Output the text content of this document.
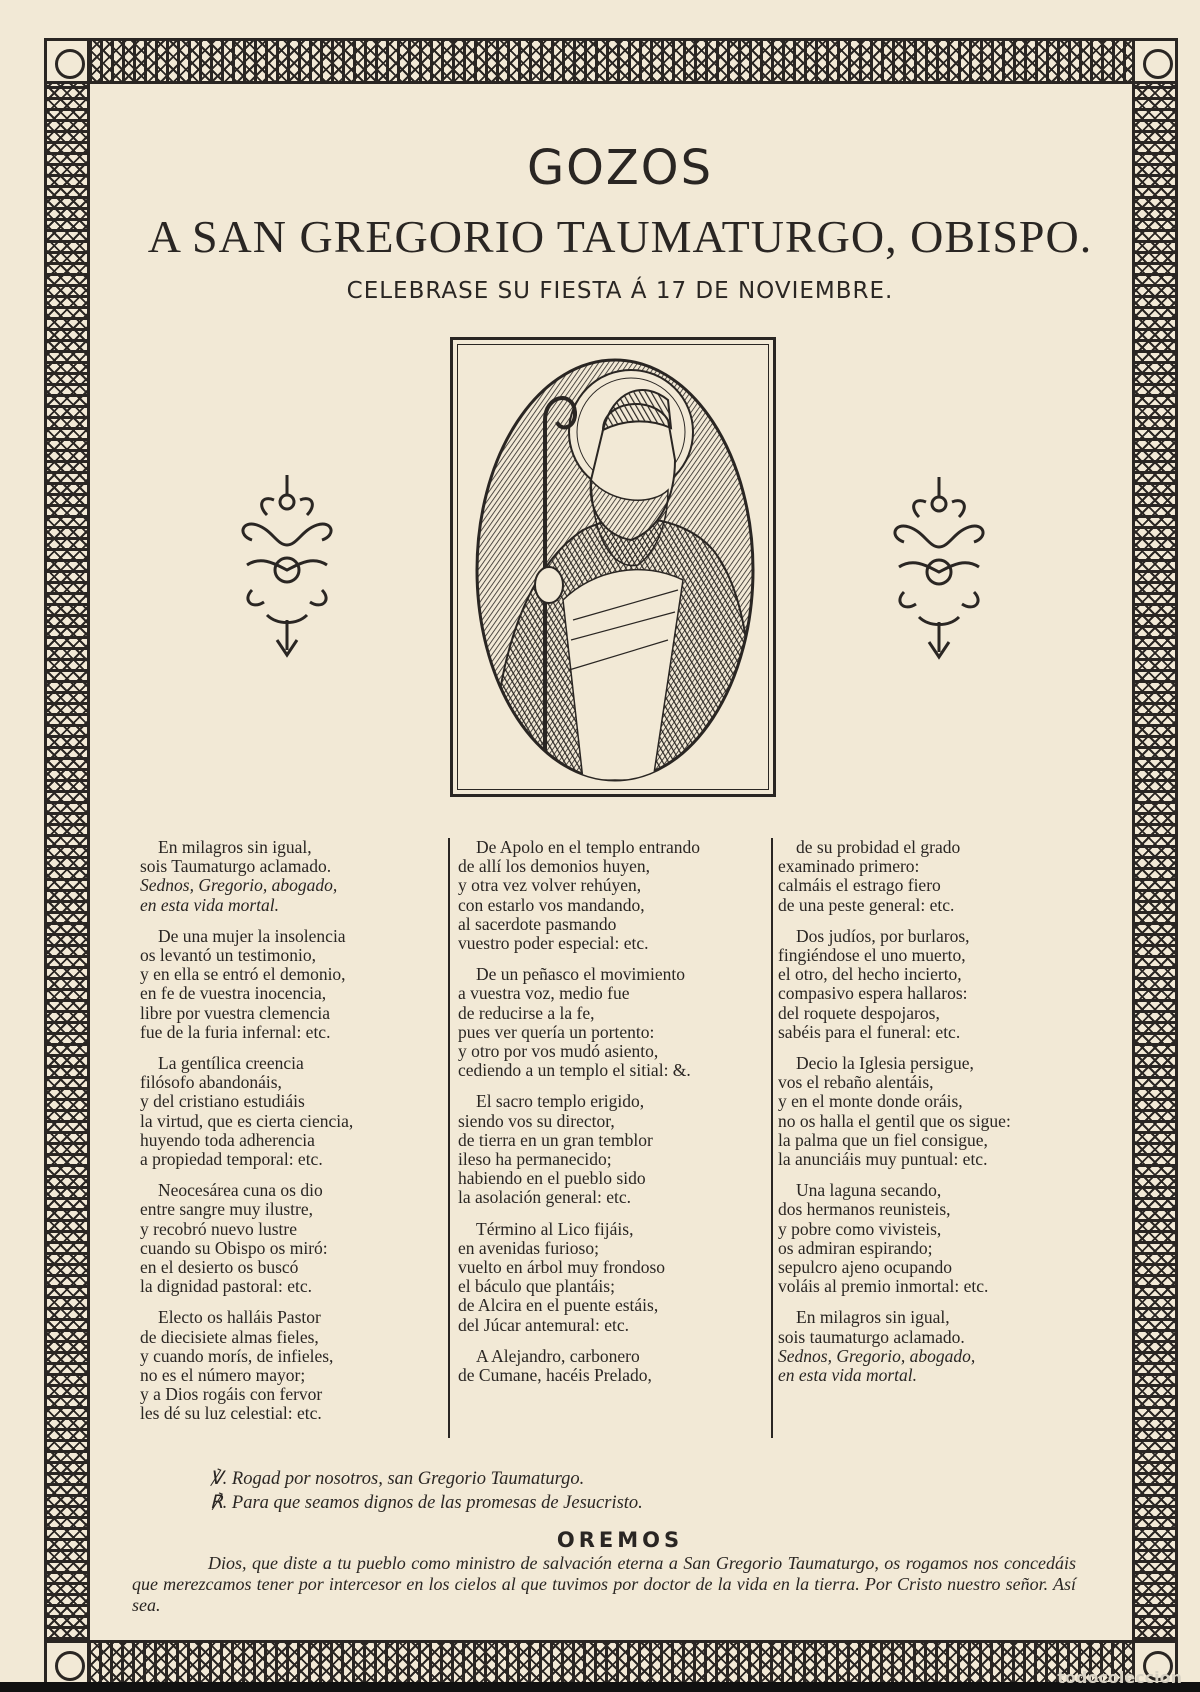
GOZOS
A SAN GREGORIO TAUMATURGO, OBISPO.
CELEBRASE SU FIESTA Á 17 DE NOVIEMBRE.
En milagros sin igual,
sois Taumaturgo aclamado.
Sednos, Gregorio, abogado,
en esta vida mortal.
De una mujer la insolencia
os levantó un testimonio,
y en ella se entró el demonio,
en fe de vuestra inocencia,
libre por vuestra clemencia
fue de la furia infernal: etc.
La gentílica creencia
filósofo abandonáis,
y del cristiano estudiáis
la virtud, que es cierta ciencia,
huyendo toda adherencia
a propiedad temporal: etc.
Neocesárea cuna os dio
entre sangre muy ilustre,
y recobró nuevo lustre
cuando su Obispo os miró:
en el desierto os buscó
la dignidad pastoral: etc.
Electo os halláis Pastor
de diecisiete almas fieles,
y cuando morís, de infieles,
no es el número mayor;
y a Dios rogáis con fervor
les dé su luz celestial: etc.
De Apolo en el templo entrando
de allí los demonios huyen,
y otra vez volver rehúyen,
con estarlo vos mandando,
al sacerdote pasmando
vuestro poder especial: etc.
De un peñasco el movimiento
a vuestra voz, medio fue
de reducirse a la fe,
pues ver quería un portento:
y otro por vos mudó asiento,
cediendo a un templo el sitial: &.
El sacro templo erigido,
siendo vos su director,
de tierra en un gran temblor
ileso ha permanecido;
habiendo en el pueblo sido
la asolación general: etc.
Término al Lico fijáis,
en avenidas furioso;
vuelto en árbol muy frondoso
el báculo que plantáis;
de Alcira en el puente estáis,
del Júcar antemural: etc.
A Alejandro, carbonero
de Cumane, hacéis Prelado,
de su probidad el grado
examinado primero:
calmáis el estrago fiero
de una peste general: etc.
Dos judíos, por burlaros,
fingiéndose el uno muerto,
el otro, del hecho incierto,
compasivo espera hallaros:
del roquete despojaros,
sabéis para el funeral: etc.
Decio la Iglesia persigue,
vos el rebaño alentáis,
y en el monte donde oráis,
no os halla el gentil que os sigue:
la palma que un fiel consigue,
la anunciáis muy puntual: etc.
Una laguna secando,
dos hermanos reunisteis,
y pobre como vivisteis,
os admiran espirando;
sepulcro ajeno ocupando
voláis al premio inmortal: etc.
En milagros sin igual,
sois taumaturgo aclamado.
Sednos, Gregorio, abogado,
en esta vida mortal.
℣. Rogad por nosotros, san Gregorio Taumaturgo.
℟. Para que seamos dignos de las promesas de Jesucristo.
OREMOS

Dios, que diste a tu pueblo como ministro de salvación eterna a San Gregorio Taumaturgo, os rogamos nos concedáis que merezcamos tener por intercesor en los cielos al que tuvimos por doctor de la vida en la tierra. Por Cristo nuestro señor. Así sea.

todocoleccion
